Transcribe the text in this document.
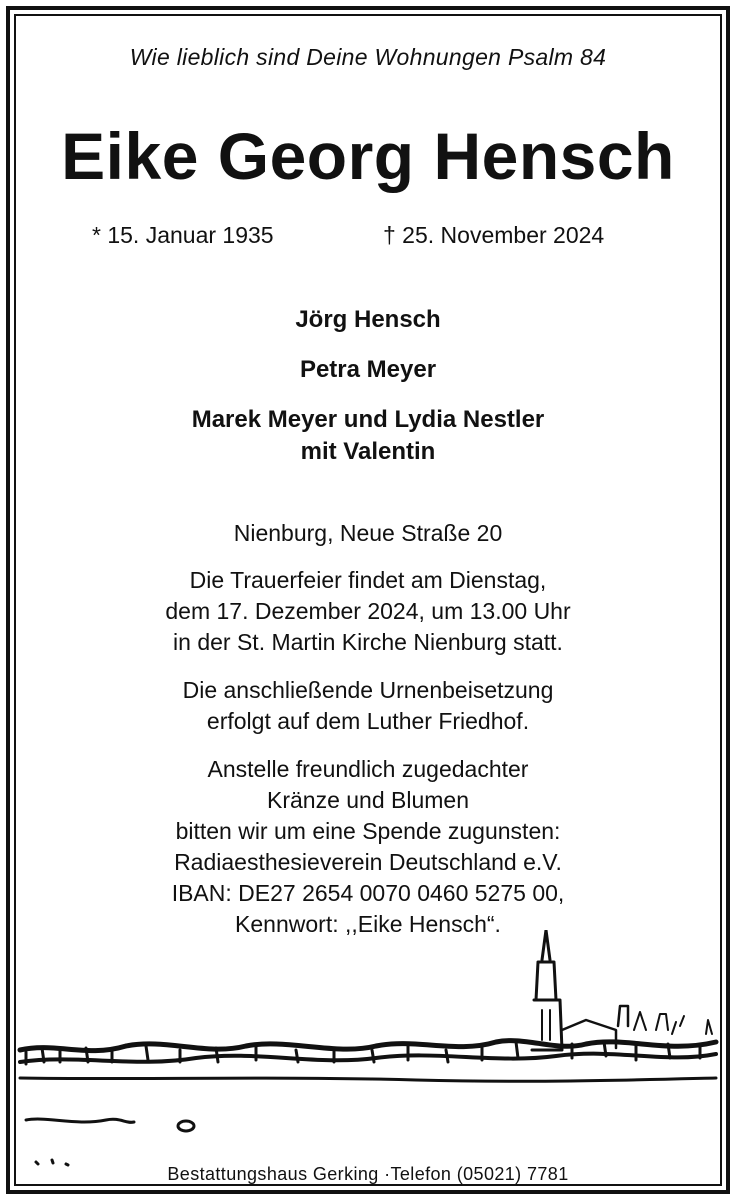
Wie lieblich sind Deine Wohnungen Psalm 84
Eike Georg Hensch
* 15. Januar 1935	† 25. November 2024
Jörg Hensch
Petra Meyer
Marek Meyer und Lydia Nestler
mit Valentin
Nienburg, Neue Straße 20
Die Trauerfeier findet am Dienstag,
dem 17. Dezember 2024, um 13.00 Uhr
in der St. Martin Kirche Nienburg statt.
Die anschließende Urnenbeisetzung
erfolgt auf dem Luther Friedhof.
Anstelle freundlich zugedachter
Kränze und Blumen
bitten wir um eine Spende zugunsten:
Radiaesthesieverein Deutschland e.V.
IBAN: DE27 2654 0070 0460 5275 00,
Kennwort: ,,Eike Hensch“.
Bestattungshaus Gerking ·Telefon (05021) 7781
